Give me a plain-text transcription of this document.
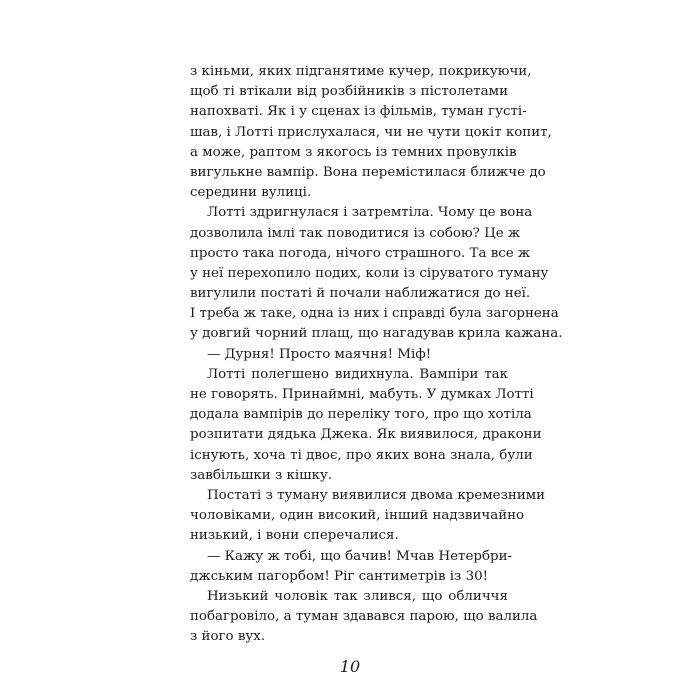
з кіньми, яких підганятиме кучер, покрикуючи,
щоб ті втікали від розбійників з пістолетами
напохваті. Як і у сценах із фільмів, туман густі-
шав, і Лотті прислухалася, чи не чути цокіт копит,
а може, раптом з якогось із темних провулків
вигулькне вампір. Вона перемістилася ближче до
середини вулиці.
Лотті здригнулася і затремтіла. Чому це вона
дозволила імлі так поводитися із собою? Це ж
просто така погода, нічого страшного. Та все ж
у неї перехопило подих, коли із сіруватого туману
вигулили постаті й почали наближатися до неї.
І треба ж таке, одна із них і справді була загорнена
у довгий чорний плащ, що нагадував крила кажана.
— Дурня! Просто маячня! Міф!
Лотті полегшено видихнула. Вампіри так
не говорять. Принаймні, мабуть. У думках Лотті
додала вампірів до переліку того, про що хотіла
розпитати дядька Джека. Як виявилося, дракони
існують, хоча ті двоє, про яких вона знала, були
завбільшки з кішку.
Постаті з туману виявилися двома кремезними
чоловіками, один високий, інший надзвичайно
низький, і вони сперечалися.
— Кажу ж тобі, що бачив! Мчав Нетербри-
джським пагорбом! Ріг сантиметрів із 30!
Низький чоловік так злився, що обличчя
побагровіло, а туман здавався парою, що валила
з його вух.
10
